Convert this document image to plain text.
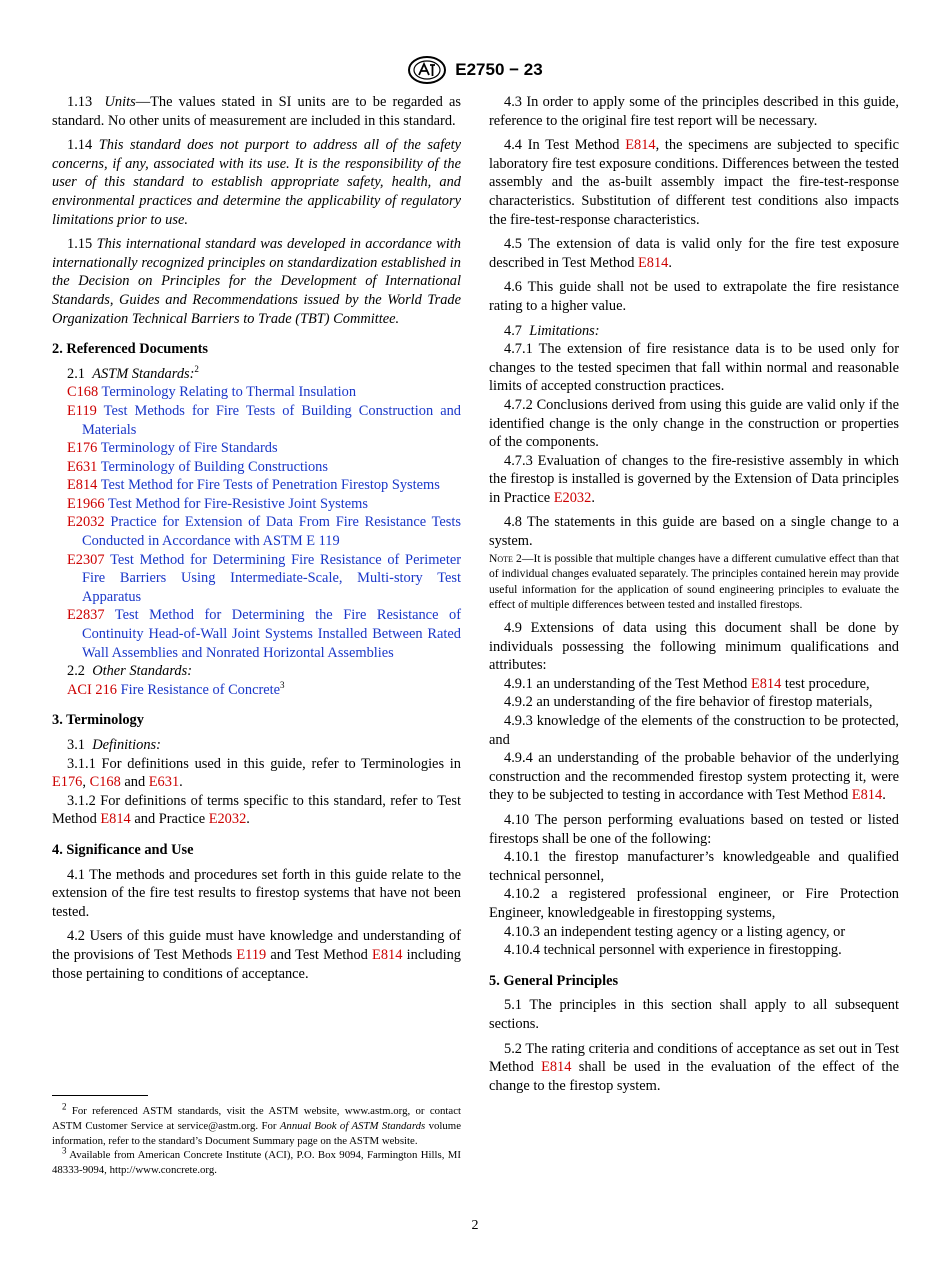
E2750 − 23

1.13 Units—The values stated in SI units are to be regarded as standard. No other units of measurement are included in this standard.

1.14 This standard does not purport to address all of the safety concerns, if any, associated with its use. It is the responsibility of the user of this standard to establish appropriate safety, health, and environmental practices and determine the applicability of regulatory limitations prior to use.

1.15 This international standard was developed in accordance with internationally recognized principles on standardization established in the Decision on Principles for the Development of International Standards, Guides and Recommendations issued by the World Trade Organization Technical Barriers to Trade (TBT) Committee.

2. Referenced Documents

2.1 ASTM Standards:$^2$

C168 Terminology Relating to Thermal Insulation

E119 Test Methods for Fire Tests of Building Construction and Materials

E176 Terminology of Fire Standards

E631 Terminology of Building Constructions

E814 Test Method for Fire Tests of Penetration Firestop Systems

E1966 Test Method for Fire-Resistive Joint Systems

E2032 Practice for Extension of Data From Fire Resistance Tests Conducted in Accordance with ASTM E 119

E2307 Test Method for Determining Fire Resistance of Perimeter Fire Barriers Using Intermediate-Scale, Multi-story Test Apparatus

E2837 Test Method for Determining the Fire Resistance of Continuity Head-of-Wall Joint Systems Installed Between Rated Wall Assemblies and Nonrated Horizontal Assemblies

2.2 Other Standards:

ACI 216 Fire Resistance of Concrete$^3$

3. Terminology

3.1 Definitions:

3.1.1 For definitions used in this guide, refer to Terminologies in E176, C168 and E631.

3.1.2 For definitions of terms specific to this standard, refer to Test Method E814 and Practice E2032.

4. Significance and Use

4.1 The methods and procedures set forth in this guide relate to the extension of the fire test results to firestop systems that have not been tested.

4.2 Users of this guide must have knowledge and understanding of the provisions of Test Methods E119 and Test Method E814 including those pertaining to conditions of acceptance.

$^2$ For referenced ASTM standards, visit the ASTM website, www.astm.org, or contact ASTM Customer Service at service@astm.org. For Annual Book of ASTM Standards volume information, refer to the standard’s Document Summary page on the ASTM website.

$^3$ Available from American Concrete Institute (ACI), P.O. Box 9094, Farmington Hills, MI 48333-9094, http://www.concrete.org.

4.3 In order to apply some of the principles described in this guide, reference to the original fire test report will be necessary.

4.4 In Test Method E814, the specimens are subjected to specific laboratory fire test exposure conditions. Differences between the tested assembly and the as-built assembly impact the fire-test-response characteristics. Substitution of different test conditions also impacts the fire-test-response characteristics.

4.5 The extension of data is valid only for the fire test exposure described in Test Method E814.

4.6 This guide shall not be used to extrapolate the fire resistance rating to a higher value.

4.7 Limitations:

4.7.1 The extension of fire resistance data is to be used only for changes to the tested specimen that fall within normal and reasonable limits of accepted construction practices.

4.7.2 Conclusions derived from using this guide are valid only if the identified change is the only change in the construction or properties of the components.

4.7.3 Evaluation of changes to the fire-resistive assembly in which the firestop is installed is governed by the Extension of Data principles in Practice E2032.

4.8 The statements in this guide are based on a single change to a system.

Note 2—It is possible that multiple changes have a different cumulative effect than that of individual changes evaluated separately. The principles contained herein may provide useful information for the application of sound engineering principles to evaluate the effect of multiple differences between tested and installed firestops.

4.9 Extensions of data using this document shall be done by individuals possessing the following minimum qualifications and attributes:

4.9.1 an understanding of the Test Method E814 test procedure,

4.9.2 an understanding of the fire behavior of firestop materials,

4.9.3 knowledge of the elements of the construction to be protected, and

4.9.4 an understanding of the probable behavior of the underlying construction and the recommended firestop system protecting it, were they to be subjected to testing in accordance with Test Method E814.

4.10 The person performing evaluations based on tested or listed firestops shall be one of the following:

4.10.1 the firestop manufacturer’s knowledgeable and qualified technical personnel,

4.10.2 a registered professional engineer, or Fire Protection Engineer, knowledgeable in firestopping systems,

4.10.3 an independent testing agency or a listing agency, or

4.10.4 technical personnel with experience in firestopping.

5. General Principles

5.1 The principles in this section shall apply to all subsequent sections.

5.2 The rating criteria and conditions of acceptance as set out in Test Method E814 shall be used in the evaluation of the effect of the change to the firestop system.

2
